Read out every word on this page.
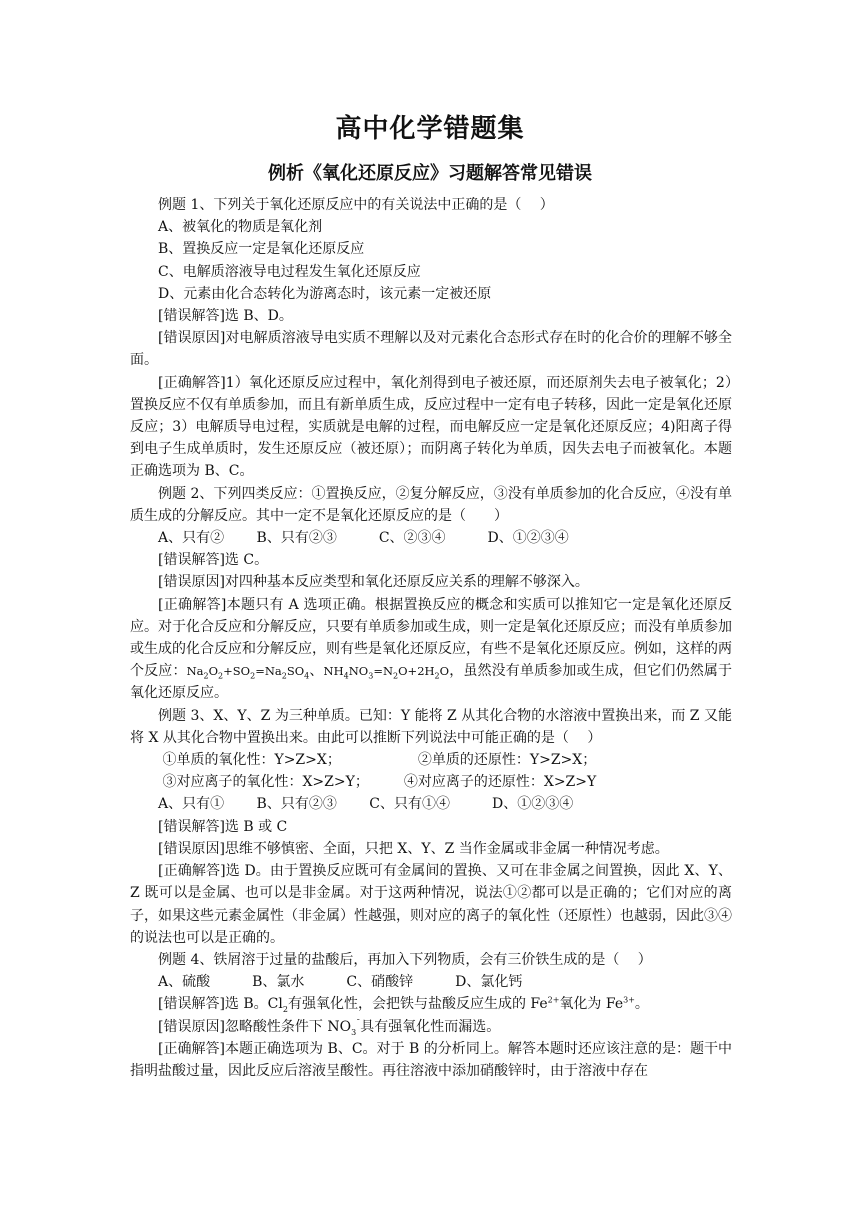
高中化学错题集
例析《氧化还原反应》习题解答常见错误

例题 1、下列关于氧化还原反应中的有关说法中正确的是（　 ）

A、被氧化的物质是氧化剂

B、置换反应一定是氧化还原反应

C、电解质溶液导电过程发生氧化还原反应

D、元素由化合态转化为游离态时，该元素一定被还原

[错误解答]选 B、D。

[错误原因]对电解质溶液导电实质不理解以及对元素化合态形式存在时的化合价的理解不够全面。

[正确解答]1）氧化还原反应过程中，氧化剂得到电子被还原，而还原剂失去电子被氧化；2）置换反应不仅有单质参加，而且有新单质生成，反应过程中一定有电子转移，因此一定是氧化还原反应；3）电解质导电过程，实质就是电解的过程，而电解反应一定是氧化还原反应；4)阳离子得到电子生成单质时，发生还原反应（被还原）；而阴离子转化为单质，因失去电子而被氧化。本题正确选项为 B、C。

例题 2、下列四类反应：①置换反应，②复分解反应，③没有单质参加的化合反应，④没有单质生成的分解反应。其中一定不是氧化还原反应的是（　　）

A、只有②　　 B、只有②③　　　C、②③④　　　D、①②③④

[错误解答]选 C。

[错误原因]对四种基本反应类型和氧化还原反应关系的理解不够深入。

[正确解答]本题只有 A 选项正确。根据置换反应的概念和实质可以推知它一定是氧化还原反应。对于化合反应和分解反应，只要有单质参加或生成，则一定是氧化还原反应；而没有单质参加或生成的化合反应和分解反应，则有些是氧化还原反应，有些不是氧化还原反应。例如，这样的两个反应：$Na_2O_2+SO_2=Na_2SO_4$、$NH_4NO_3=N_2O+2H_2O$，虽然没有单质参加或生成，但它们仍然属于氧化还原反应。

例题 3、X、Y、Z 为三种单质。已知：Y 能将 Z 从其化合物的水溶液中置换出来，而 Z 又能将 X 从其化合物中置换出来。由此可以推断下列说法中可能正确的是（　 ）

①单质的氧化性：Y>Z>X；　　　　　　②单质的还原性：Y>Z>X；

③对应离子的氧化性：X>Z>Y；　　　④对应离子的还原性：X>Z>Y

A、只有①　　 B、只有②③　　 C、只有①④　　　D、①②③④

[错误解答]选 B 或 C

[错误原因]思维不够慎密、全面，只把 X、Y、Z 当作金属或非金属一种情况考虑。

[正确解答]选 D。由于置换反应既可有金属间的置换、又可在非金属之间置换，因此 X、Y、Z 既可以是金属、也可以是非金属。对于这两种情况，说法①②都可以是正确的；它们对应的离子，如果这些元素金属性（非金属）性越强，则对应的离子的氧化性（还原性）也越弱，因此③④的说法也可以是正确的。

例题 4、铁屑溶于过量的盐酸后，再加入下列物质，会有三价铁生成的是（　 ）

A、硫酸　　　B、氯水　　　C、硝酸锌　　　D、氯化钙

[错误解答]选 B。$Cl_2$有强氧化性，会把铁与盐酸反应生成的 $Fe^{2+}$氧化为 $Fe^{3+}$。

[错误原因]忽略酸性条件下 $NO_3^¯$具有强氧化性而漏选。

[正确解答]本题正确选项为 B、C。对于 B 的分析同上。解答本题时还应该注意的是：题干中指明盐酸过量，因此反应后溶液呈酸性。再往溶液中添加硝酸锌时，由于溶液中存在
